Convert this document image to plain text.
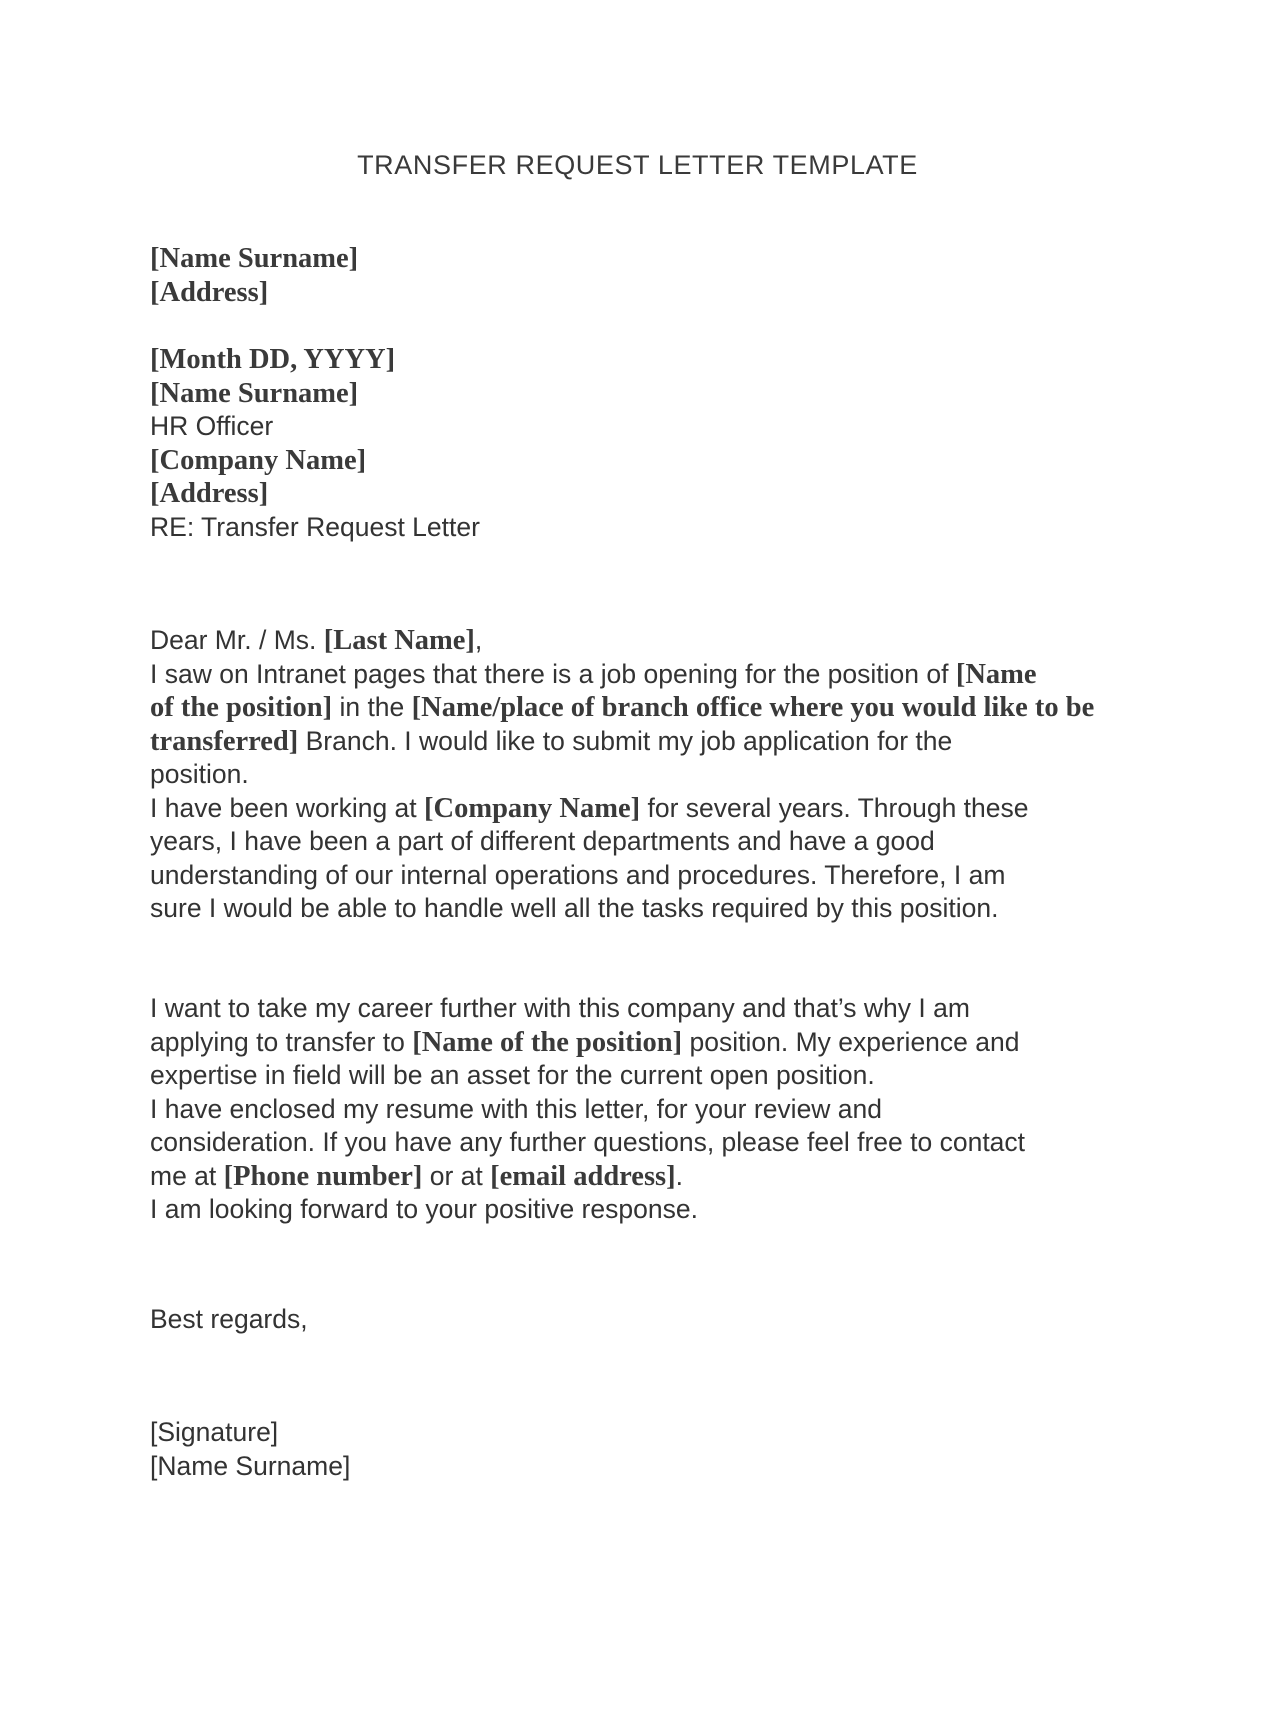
TRANSFER REQUEST LETTER TEMPLATE
[Name Surname]
[Address]
[Month DD, YYYY]
[Name Surname]
HR Officer
[Company Name]
[Address]
RE: Transfer Request Letter
Dear Mr. / Ms. [Last Name],
I saw on Intranet pages that there is a job opening for the position of [Name
of the position] in the [Name/place of branch office where you would like to be
transferred] Branch. I would like to submit my job application for the
position.
I have been working at [Company Name] for several years. Through these
years, I have been a part of different departments and have a good
understanding of our internal operations and procedures. Therefore, I am
sure I would be able to handle well all the tasks required by this position.
I want to take my career further with this company and that’s why I am
applying to transfer to [Name of the position] position. My experience and
expertise in field will be an asset for the current open position.
I have enclosed my resume with this letter, for your review and
consideration. If you have any further questions, please feel free to contact
me at [Phone number] or at [email address].
I am looking forward to your positive response.
Best regards,
[Signature]
[Name Surname]
